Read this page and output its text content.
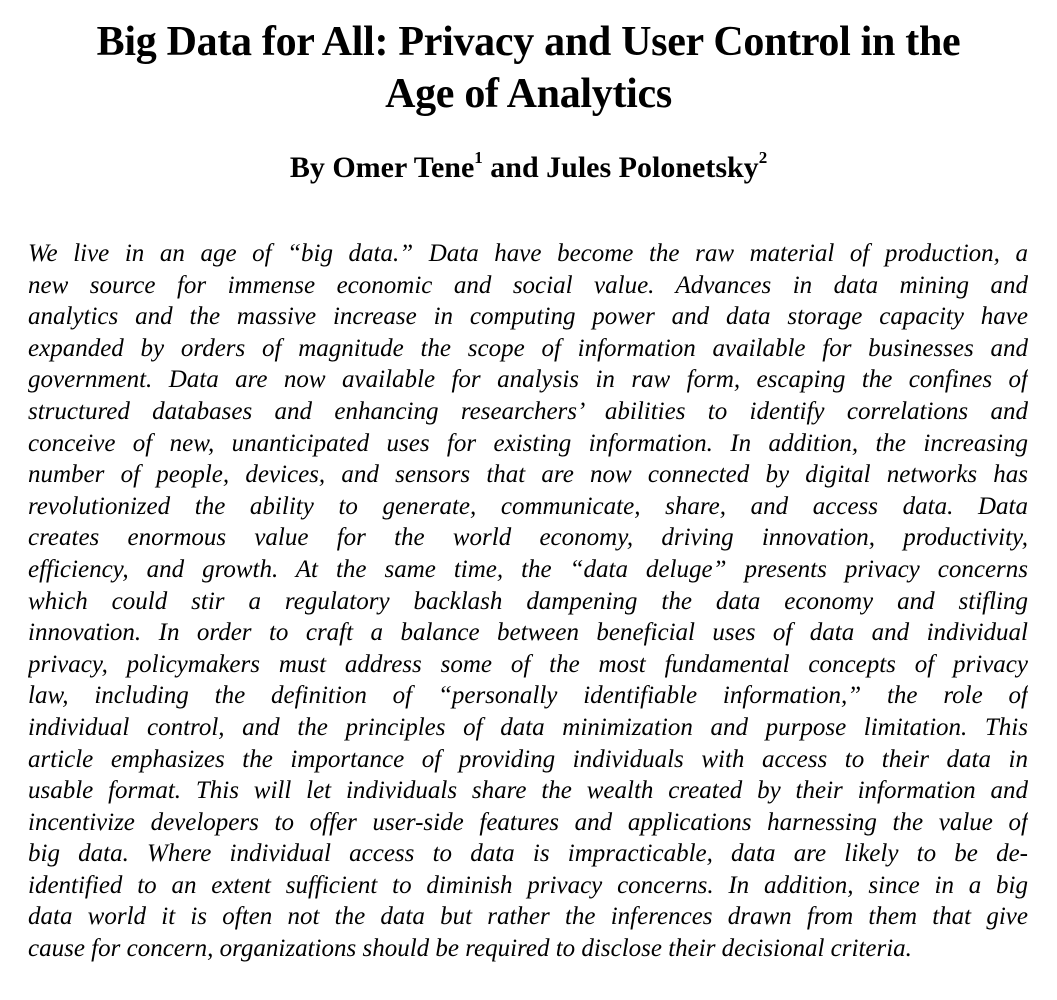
Big Data for All: Privacy and User Control in the
Age of Analytics
By Omer Tene$^1$ and Jules Polonetsky$^2$
We live in an age of “big data.” Data have become the raw material of production, a
new source for immense economic and social value. Advances in data mining and
analytics and the massive increase in computing power and data storage capacity have
expanded by orders of magnitude the scope of information available for businesses and
government. Data are now available for analysis in raw form, escaping the confines of
structured databases and enhancing researchers’ abilities to identify correlations and
conceive of new, unanticipated uses for existing information. In addition, the increasing
number of people, devices, and sensors that are now connected by digital networks has
revolutionized the ability to generate, communicate, share, and access data. Data
creates enormous value for the world economy, driving innovation, productivity,
efficiency, and growth. At the same time, the “data deluge” presents privacy concerns
which could stir a regulatory backlash dampening the data economy and stifling
innovation. In order to craft a balance between beneficial uses of data and individual
privacy, policymakers must address some of the most fundamental concepts of privacy
law, including the definition of “personally identifiable information,” the role of
individual control, and the principles of data minimization and purpose limitation. This
article emphasizes the importance of providing individuals with access to their data in
usable format. This will let individuals share the wealth created by their information and
incentivize developers to offer user-side features and applications harnessing the value of
big data. Where individual access to data is impracticable, data are likely to be de-
identified to an extent sufficient to diminish privacy concerns. In addition, since in a big
data world it is often not the data but rather the inferences drawn from them that give
cause for concern, organizations should be required to disclose their decisional criteria.
